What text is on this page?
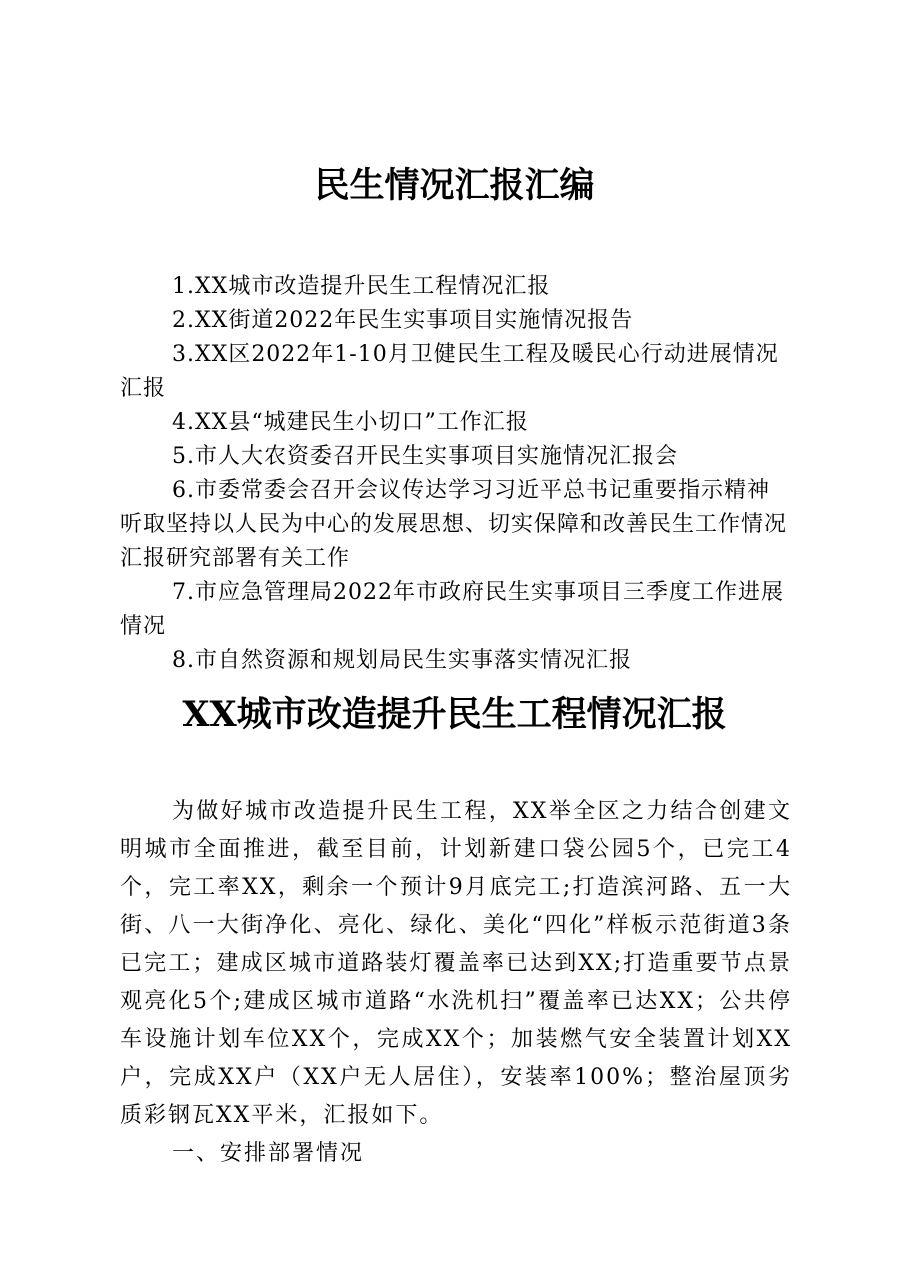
民生情况汇报汇编
1.XX城市改造提升民生工程情况汇报
2.XX街道2022年民生实事项目实施情况报告
3.XX区2022年1-10月卫健民生工程及暖民心行动进展情况汇报
4.XX县“城建民生小切口”工作汇报
5.市人大农资委召开民生实事项目实施情况汇报会
6.市委常委会召开会议传达学习习近平总书记重要指示精神听取坚持以人民为中心的发展思想、切实保障和改善民生工作情况汇报研究部署有关工作
7.市应急管理局2022年市政府民生实事项目三季度工作进展情况
8.市自然资源和规划局民生实事落实情况汇报
XX城市改造提升民生工程情况汇报

为做好城市改造提升民生工程，XX举全区之力结合创建文明城市全面推进，截至目前，计划新建口袋公园5个，已完工4个，完工率XX，剩余一个预计9月底完工;打造滨河路、五一大街、八一大街净化、亮化、绿化、美化“四化”样板示范街道3条已完工；建成区城市道路装灯覆盖率已达到XX;打造重要节点景观亮化5个;建成区城市道路“水洗机扫”覆盖率已达XX；公共停车设施计划车位XX个，完成XX个；加装燃气安全装置计划XX户，完成XX户（XX户无人居住），安装率100%；整治屋顶劣质彩钢瓦XX平米，汇报如下。

一、安排部署情况
